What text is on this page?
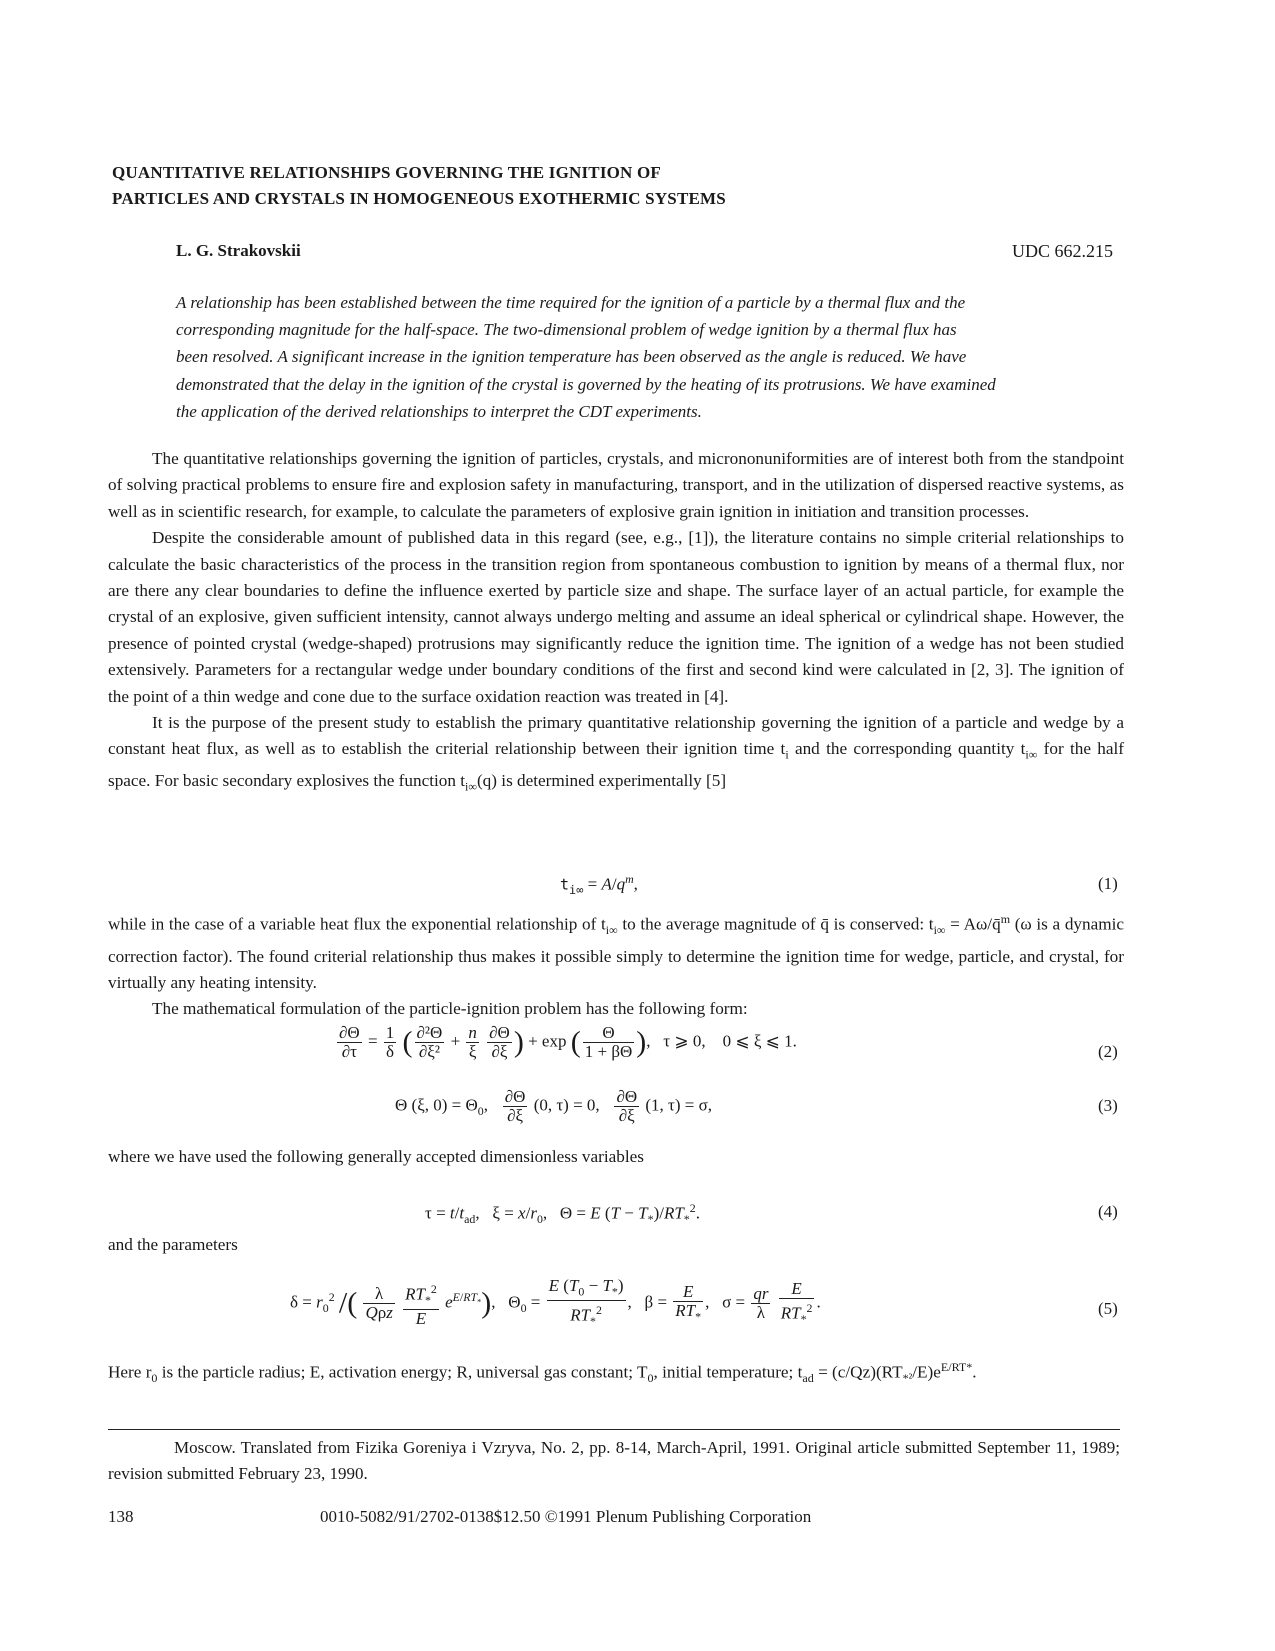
QUANTITATIVE RELATIONSHIPS GOVERNING THE IGNITION OF
PARTICLES AND CRYSTALS IN HOMOGENEOUS EXOTHERMIC SYSTEMS
L. G. Strakovskii	UDC 662.215
A relationship has been established between the time required for the ignition of a particle by a thermal flux and the
corresponding magnitude for the half-space. The two-dimensional problem of wedge ignition by a thermal flux has
been resolved. A significant increase in the ignition temperature has been observed as the angle is reduced. We have
demonstrated that the delay in the ignition of the crystal is governed by the heating of its protrusions. We have examined
the application of the derived relationships to interpret the CDT experiments.

The quantitative relationships governing the ignition of particles, crystals, and micrononuniformities are of interest both from the standpoint of solving practical problems to ensure fire and explosion safety in manufacturing, transport, and in the utilization of dispersed reactive systems, as well as in scientific research, for example, to calculate the parameters of explosive grain ignition in initiation and transition processes.

Despite the considerable amount of published data in this regard (see, e.g., [1]), the literature contains no simple criterial relationships to calculate the basic characteristics of the process in the transition region from spontaneous combustion to ignition by means of a thermal flux, nor are there any clear boundaries to define the influence exerted by particle size and shape. The surface layer of an actual particle, for example the crystal of an explosive, given sufficient intensity, cannot always undergo melting and assume an ideal spherical or cylindrical shape. However, the presence of pointed crystal (wedge-shaped) protrusions may significantly reduce the ignition time. The ignition of a wedge has not been studied extensively. Parameters for a rectangular wedge under boundary conditions of the first and second kind were calculated in [2, 3]. The ignition of the point of a thin wedge and cone due to the surface oxidation reaction was treated in [4].

It is the purpose of the present study to establish the primary quantitative relationship governing the ignition of a particle and wedge by a constant heat flux, as well as to establish the criterial relationship between their ignition time $t_i$ and the corresponding quantity $t_{i\infty}$ for the half space. For basic secondary explosives the function $t_{i\infty}(q)$ is determined experimentally [5]

$t_{i\infty} = A/q^m$,	(1)

while in the case of a variable heat flux the exponential relationship of $t_{i\infty}$ to the average magnitude of q̄ is conserved: $t_{i\infty}$ = Aω/q̄$^m$ (ω is a dynamic correction factor). The found criterial relationship thus makes it possible simply to determine the ignition time for wedge, particle, and crystal, for virtually any heating intensity.

The mathematical formulation of the particle-ignition problem has the following form:

$\frac{\partial\Theta}{\partial\tau} = \frac{1}{\delta}$ ( $\frac{\text{∂²Θ}}{\text{∂ξ²}} + \frac{n}{\xi}$
$\frac{\partial\Theta}{\partial\xi}$ ) + exp ( $\frac{\Theta}{1 + \beta\Theta}$ ),   τ ⩾ 0,    0 ⩽ ξ ⩽ 1.
(2)
Θ (ξ, $0) = \Theta_0$, $\frac{\partial\Theta}{\partial\xi} (0$, τ) = 0, $\frac{\partial\Theta}{\partial\xi} (1$, τ) = σ,	(3)

where we have used the following generally accepted dimensionless variables

$\tau = t/t_{ad}$,   $\xi = x/r_0$,   Θ = E $(T - T_*)/RT_*^2$.	(4)

and the parameters

$\delta = r_0^2$ /( $\frac{\lambda}{\text{Qρz}}$
$\frac{RT_*^2}{E} e^{E/RT_*}$),   $\Theta_0 = \frac{E (T_0 - T_*)}{RT_*^2}$ ,   $\beta = \frac{E}{RT_*}$ ,   $\sigma = \frac{qr}{\lambda}$
$\frac{E}{RT_*^2}$ .	(5)

Here $r_0$ is the particle radius; E, activation energy; R, universal gas constant; $T_0$, initial temperature; $t_{ad} = (c/Qz)(RT_{*^2}/E)e^{E/RT*}$.

Moscow. Translated from Fizika Goreniya i Vzryva, No. 2, pp. 8-14, March-April, 1991. Original article submitted September 11, 1989; revision submitted February 23, 1990.
138	0010-5082/91/2702-0138$12.50 ©1991 Plenum Publishing Corporation
